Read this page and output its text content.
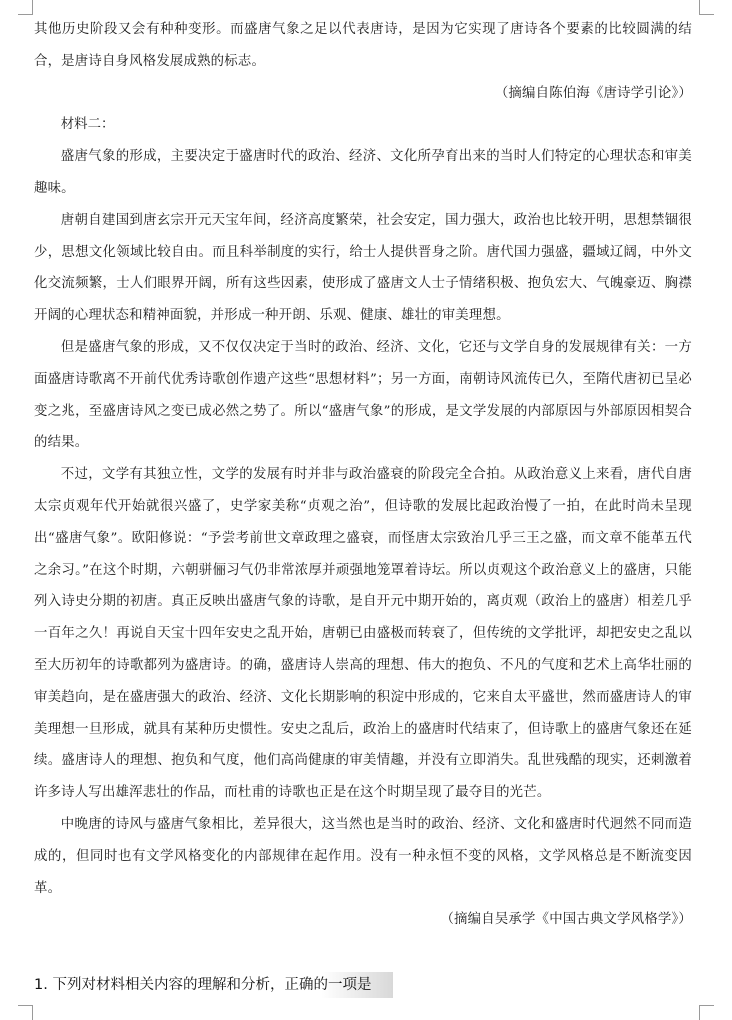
其他历史阶段又会有种种变形。而盛唐气象之足以代表唐诗，是因为它实现了唐诗各个要素的比较圆满的结合，是唐诗自身风格发展成熟的标志。

（摘编自陈伯海《唐诗学引论》）

材料二：

盛唐气象的形成，主要决定于盛唐时代的政治、经济、文化所孕育出来的当时人们特定的心理状态和审美趣味。

唐朝自建国到唐玄宗开元天宝年间，经济高度繁荣，社会安定，国力强大，政治也比较开明，思想禁锢很少，思想文化领域比较自由。而且科举制度的实行，给士人提供晋身之阶。唐代国力强盛，疆域辽阔，中外文化交流频繁，士人们眼界开阔，所有这些因素，使形成了盛唐文人士子情绪积极、抱负宏大、气魄豪迈、胸襟开阔的心理状态和精神面貌，并形成一种开朗、乐观、健康、雄壮的审美理想。

但是盛唐气象的形成，又不仅仅决定于当时的政治、经济、文化，它还与文学自身的发展规律有关：一方面盛唐诗歌离不开前代优秀诗歌创作遗产这些“思想材料”；另一方面，南朝诗风流传已久，至隋代唐初已呈必变之兆，至盛唐诗风之变已成必然之势了。所以“盛唐气象”的形成，是文学发展的内部原因与外部原因相契合的结果。

不过，文学有其独立性，文学的发展有时并非与政治盛衰的阶段完全合拍。从政治意义上来看，唐代自唐太宗贞观年代开始就很兴盛了，史学家美称“贞观之治”，但诗歌的发展比起政治慢了一拍，在此时尚未呈现出“盛唐气象”。欧阳修说：“予尝考前世文章政理之盛衰，而怪唐太宗致治几乎三王之盛，而文章不能革五代之余习。”在这个时期，六朝骈俪习气仍非常浓厚并顽强地笼罩着诗坛。所以贞观这个政治意义上的盛唐，只能列入诗史分期的初唐。真正反映出盛唐气象的诗歌，是自开元中期开始的，离贞观（政治上的盛唐）相差几乎一百年之久！再说自天宝十四年安史之乱开始，唐朝已由盛极而转衰了，但传统的文学批评，却把安史之乱以至大历初年的诗歌都列为盛唐诗。的确，盛唐诗人崇高的理想、伟大的抱负、不凡的气度和艺术上高华壮丽的审美趋向，是在盛唐强大的政治、经济、文化长期影响的积淀中形成的，它来自太平盛世，然而盛唐诗人的审美理想一旦形成，就具有某种历史惯性。安史之乱后，政治上的盛唐时代结束了，但诗歌上的盛唐气象还在延续。盛唐诗人的理想、抱负和气度，他们高尚健康的审美情趣，并没有立即消失。乱世残酷的现实，还刺激着许多诗人写出雄浑悲壮的作品，而杜甫的诗歌也正是在这个时期呈现了最夺目的光芒。

中晚唐的诗风与盛唐气象相比，差异很大，这当然也是当时的政治、经济、文化和盛唐时代迥然不同而造成的，但同时也有文学风格变化的内部规律在起作用。没有一种永恒不变的风格，文学风格总是不断流变因革。

（摘编自吴承学《中国古典文学风格学》）

1. 下列对材料相关内容的理解和分析，正确的一项是
